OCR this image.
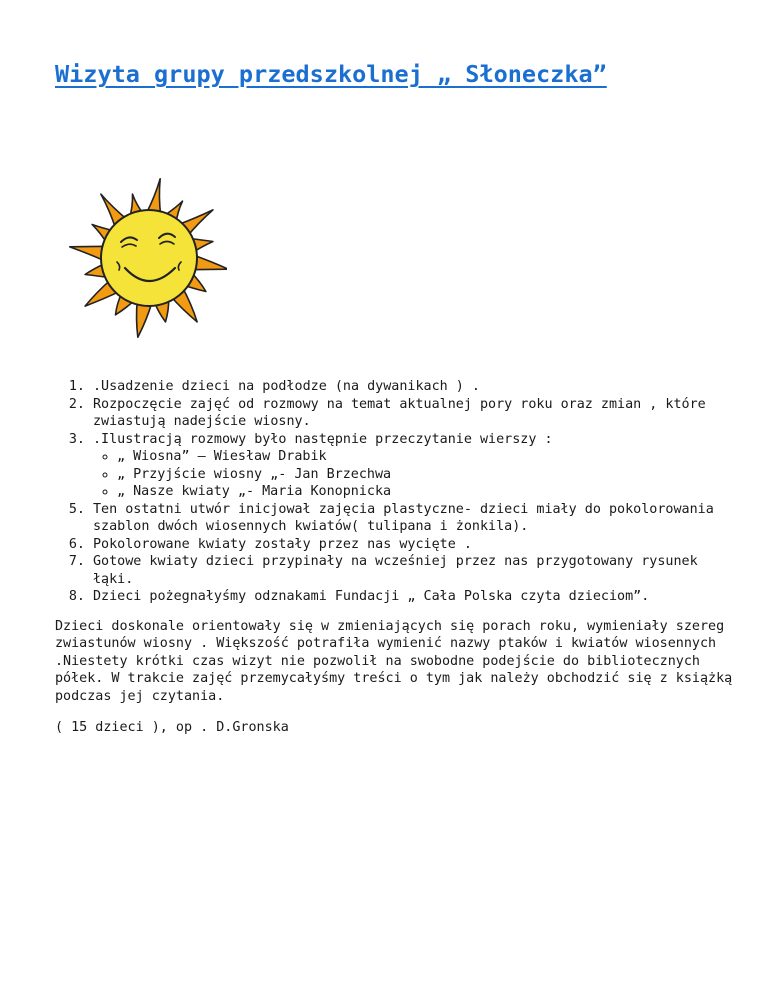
Wizyta grupy przedszkolnej „ Słoneczka”
1. .Usadzenie dzieci na podłodze (na dywanikach ) .
2. Rozpoczęcie zajęć od rozmowy na temat aktualnej pory roku oraz zmian , które zwiastują nadejście wiosny.
3. .Ilustracją rozmowy było następnie przeczytanie wierszy :
◦ „ Wiosna” – Wiesław Drabik
◦ „ Przyjście wiosny „- Jan Brzechwa
◦ „ Nasze kwiaty „- Maria Konopnicka
5. Ten ostatni utwór inicjował zajęcia plastyczne- dzieci miały do pokolorowania szablon dwóch wiosennych kwiatów( tulipana i żonkila).
6. Pokolorowane kwiaty zostały przez nas wycięte .
7. Gotowe kwiaty dzieci przypinały na wcześniej przez nas przygotowany rysunek łąki.
8. Dzieci pożegnałyśmy odznakami Fundacji „ Cała Polska czyta dzieciom”.

Dzieci doskonale orientowały się w zmieniających się porach roku, wymieniały szereg zwiastunów wiosny . Większość potrafiła wymienić nazwy ptaków i kwiatów wiosennych .Niestety krótki czas wizyt nie pozwolił na swobodne podejście do bibliotecznych półek. W trakcie zajęć przemycałyśmy treści o tym jak należy obchodzić się z książką podczas jej czytania.

( 15 dzieci ), op . D.Gronska
